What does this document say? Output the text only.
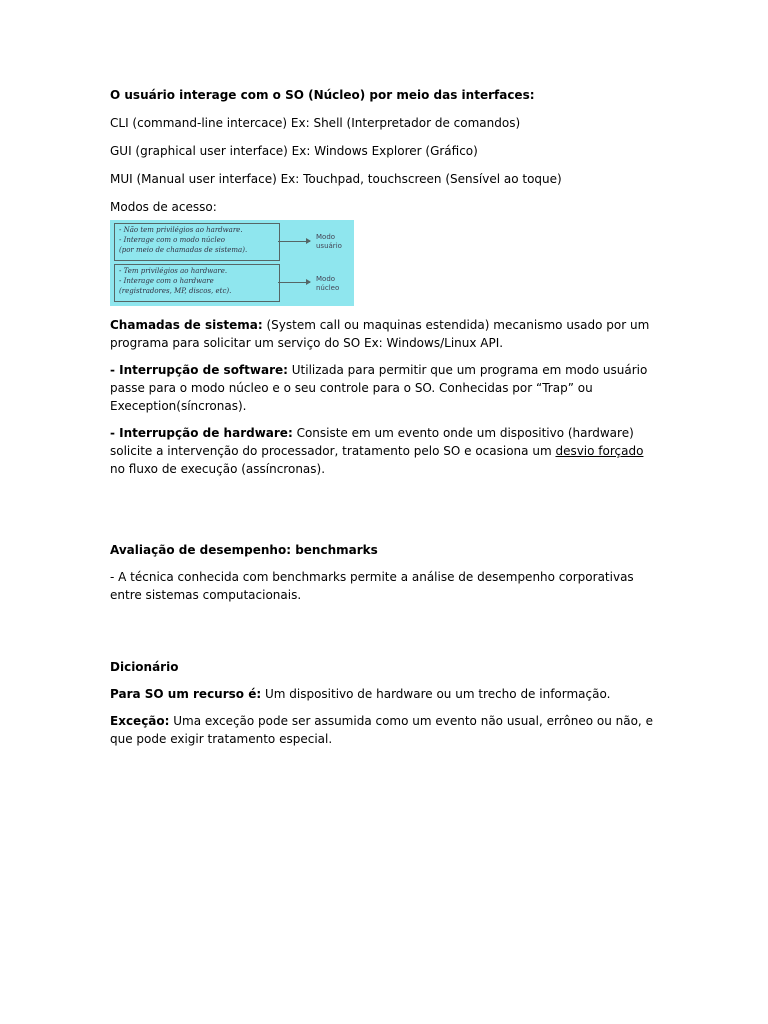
O usuário interage com o SO (Núcleo) por meio das interfaces:

CLI (command-line intercace) Ex: Shell (Interpretador de comandos)

GUI (graphical user interface) Ex: Windows Explorer (Gráfico)

MUI (Manual user interface) Ex: Touchpad, touchscreen (Sensível ao toque)

Modos de acesso:

- Não tem privilégios ao hardware.
- Interage com o modo núcleo
(por meio de chamadas de sistema).
Modo
usuário
- Tem privilégios ao hardware.
- Interage com o hardware
(registradores, MP, discos, etc).
Modo
núcleo

Chamadas de sistema: (System call ou maquinas estendida) mecanismo usado por um programa para solicitar um serviço do SO Ex: Windows/Linux API.

- Interrupção de software: Utilizada para permitir que um programa em modo usuário passe para o modo núcleo e o seu controle para o SO. Conhecidas por “Trap” ou Exeception(síncronas).

- Interrupção de hardware: Consiste em um evento onde um dispositivo (hardware) solicite a intervenção do processador, tratamento pelo SO e ocasiona um desvio forçado no fluxo de execução (assíncronas).

Avaliação de desempenho: benchmarks

- A técnica conhecida com benchmarks permite a análise de desempenho corporativas entre sistemas computacionais.

Dicionário

Para SO um recurso é: Um dispositivo de hardware ou um trecho de informação.

Exceção: Uma exceção pode ser assumida como um evento não usual, errôneo ou não, e que pode exigir tratamento especial.
